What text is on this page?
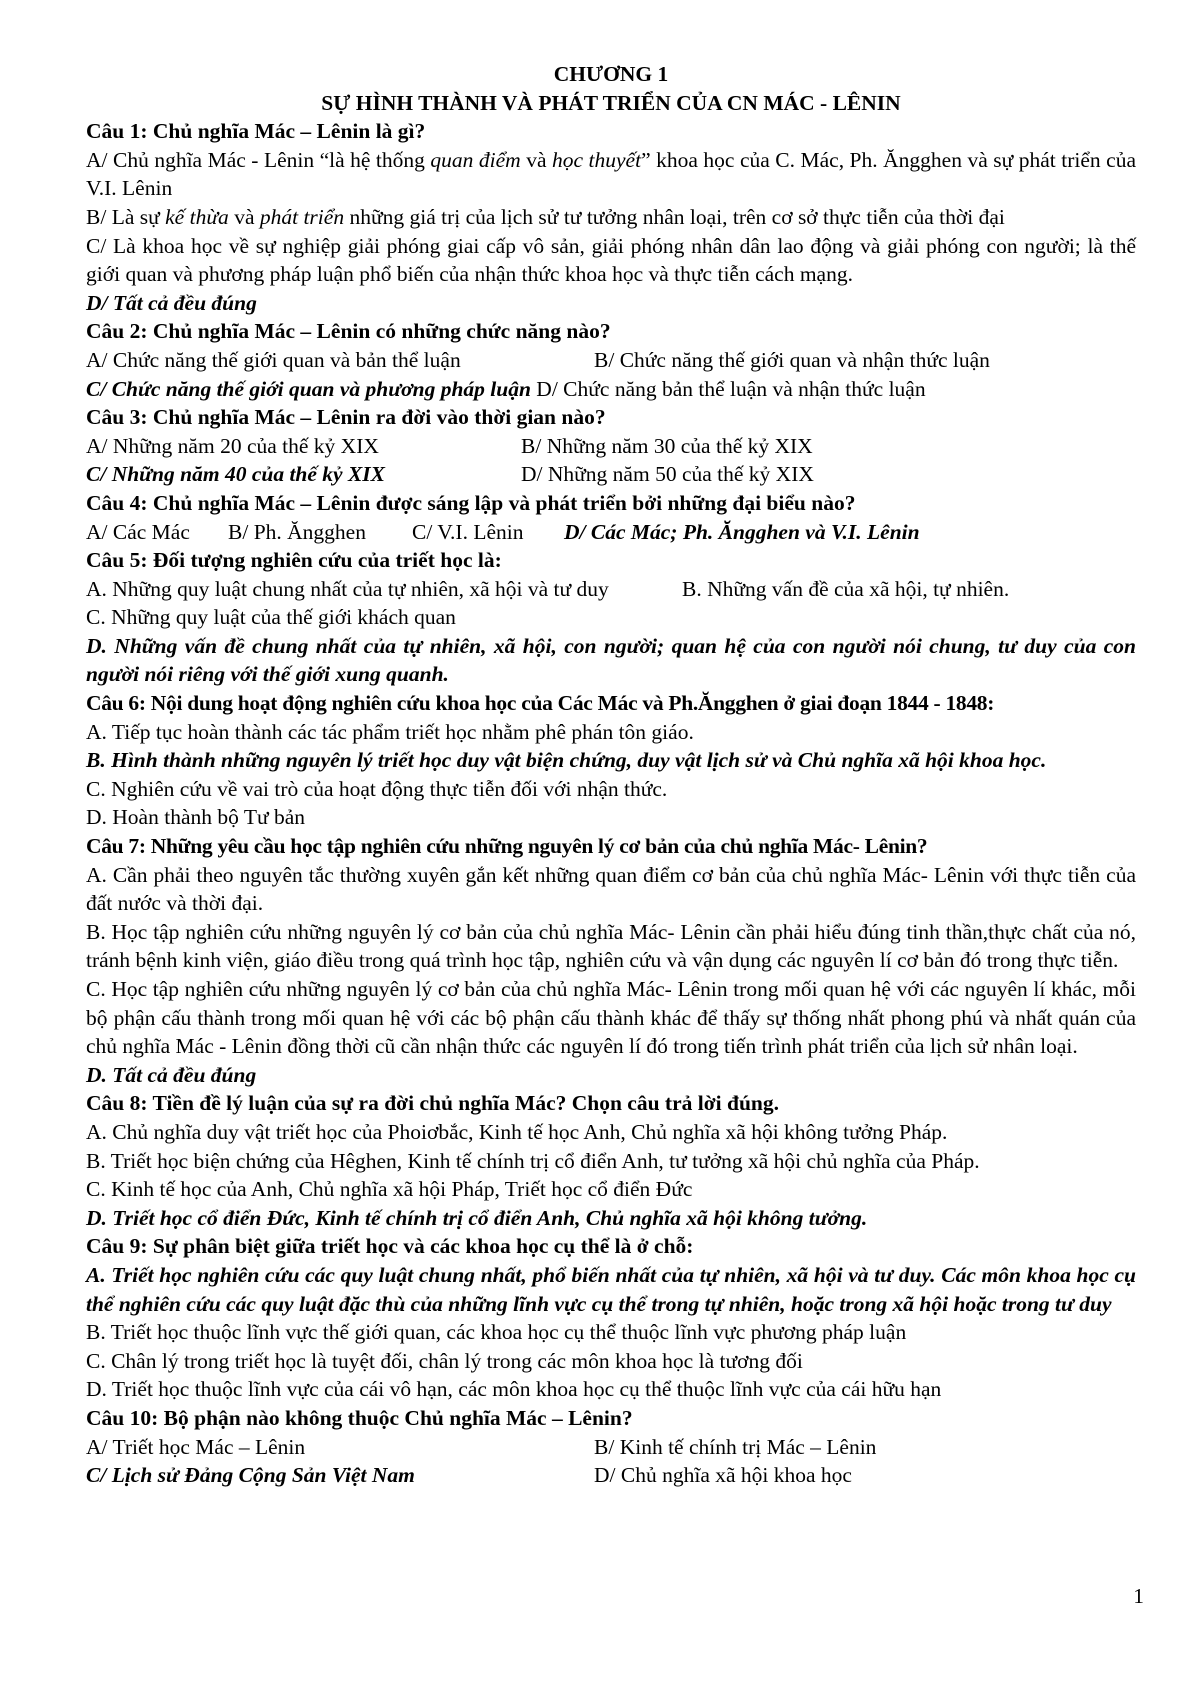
CHƯƠNG 1
SỰ HÌNH THÀNH VÀ PHÁT TRIỂN CỦA CN MÁC - LÊNIN
Câu 1: Chủ nghĩa Mác – Lênin là gì?
A/ Chủ nghĩa Mác - Lênin “là hệ thống quan điểm và học thuyết” khoa học của C. Mác, Ph. Ăngghen và sự phát triển của V.I. Lênin
B/ Là sự kế thừa và phát triển những giá trị của lịch sử tư tưởng nhân loại, trên cơ sở thực tiễn của thời đại
C/ Là khoa học về sự nghiệp giải phóng giai cấp vô sản, giải phóng nhân dân lao động và giải phóng con người; là thế giới quan và phương pháp luận phổ biến của nhận thức khoa học và thực tiễn cách mạng.
D/ Tất cả đều đúng
Câu 2: Chủ nghĩa Mác – Lênin có những chức năng nào?
A/ Chức năng thế giới quan và bản thể luận	B/ Chức năng thế giới quan và nhận thức luận
C/ Chức năng thế giới quan và phương pháp luận D/ Chức năng bản thể luận và nhận thức luận
Câu 3: Chủ nghĩa Mác – Lênin ra đời vào thời gian nào?
A/ Những năm 20 của thế kỷ XIX	B/ Những năm 30 của thế kỷ XIX
C/ Những năm 40 của thế kỷ XIX	D/ Những năm 50 của thế kỷ XIX
Câu 4: Chủ nghĩa Mác – Lênin được sáng lập và phát triển bởi những đại biểu nào?
A/ Các Mác B/ Ph. Ăngghen C/ V.I. Lênin D/ Các Mác; Ph. Ăngghen và V.I. Lênin
Câu 5: Đối tượng nghiên cứu của triết học là:
A. Những quy luật chung nhất của tự nhiên, xã hội và tư duy	B. Những vấn đề của xã hội, tự nhiên.
C. Những quy luật của thế giới khách quan
D. Những vấn đề chung nhất của tự nhiên, xã hội, con người; quan hệ của con người nói chung, tư duy của con người nói riêng với thế giới xung quanh.
Câu 6: Nội dung hoạt động nghiên cứu khoa học của Các Mác và Ph.Ăngghen ở giai đoạn 1844 - 1848:
A. Tiếp tục hoàn thành các tác phẩm triết học nhằm phê phán tôn giáo.
B. Hình thành những nguyên lý triết học duy vật biện chứng, duy vật lịch sử và Chủ nghĩa xã hội khoa học.
C. Nghiên cứu về vai trò của hoạt động thực tiễn đối với nhận thức.
D. Hoàn thành bộ Tư bản
Câu 7: Những yêu cầu học tập nghiên cứu những nguyên lý cơ bản của chủ nghĩa Mác- Lênin?
A. Cần phải theo nguyên tắc thường xuyên gắn kết những quan điểm cơ bản của chủ nghĩa Mác- Lênin với thực tiễn của đất nước và thời đại.
B. Học tập nghiên cứu những nguyên lý cơ bản của chủ nghĩa Mác- Lênin cần phải hiểu đúng tinh thần,thực chất của nó, tránh bệnh kinh viện, giáo điều trong quá trình học tập, nghiên cứu và vận dụng các nguyên lí cơ bản đó trong thực tiễn.
C. Học tập nghiên cứu những nguyên lý cơ bản của chủ nghĩa Mác- Lênin trong mối quan hệ với các nguyên lí khác, mỗi bộ phận cấu thành trong mối quan hệ với các bộ phận cấu thành khác để thấy sự thống nhất phong phú và nhất quán của chủ nghĩa Mác - Lênin đồng thời cũ cần nhận thức các nguyên lí đó trong tiến trình phát triển của lịch sử nhân loại.
D. Tất cả đều đúng
Câu 8: Tiền đề lý luận của sự ra đời chủ nghĩa Mác? Chọn câu trả lời đúng.
A. Chủ nghĩa duy vật triết học của Phoiơbắc, Kinh tế học Anh, Chủ nghĩa xã hội không tưởng Pháp.
B. Triết học biện chứng của Hêghen, Kinh tế chính trị cổ điển Anh, tư tưởng xã hội chủ nghĩa của Pháp.
C. Kinh tế học của Anh, Chủ nghĩa xã hội Pháp, Triết học cổ điển Đức
D. Triết học cổ điển Đức, Kinh tế chính trị cổ điển Anh, Chủ nghĩa xã hội không tưởng.
Câu 9: Sự phân biệt giữa triết học và các khoa học cụ thể là ở chỗ:
A. Triết học nghiên cứu các quy luật chung nhất, phổ biến nhất của tự nhiên, xã hội và tư duy. Các môn khoa học cụ thể nghiên cứu các quy luật đặc thù của những lĩnh vực cụ thể trong tự nhiên, hoặc trong xã hội hoặc trong tư duy
B. Triết học thuộc lĩnh vực thế giới quan, các khoa học cụ thể thuộc lĩnh vực phương pháp luận
C. Chân lý trong triết học là tuyệt đối, chân lý trong các môn khoa học là tương đối
D. Triết học thuộc lĩnh vực của cái vô hạn, các môn khoa học cụ thể thuộc lĩnh vực của cái hữu hạn
Câu 10: Bộ phận nào không thuộc Chủ nghĩa Mác – Lênin?
A/ Triết học Mác – Lênin	B/ Kinh tế chính trị Mác – Lênin
C/ Lịch sử Đảng Cộng Sản Việt Nam	D/ Chủ nghĩa xã hội khoa học
1
